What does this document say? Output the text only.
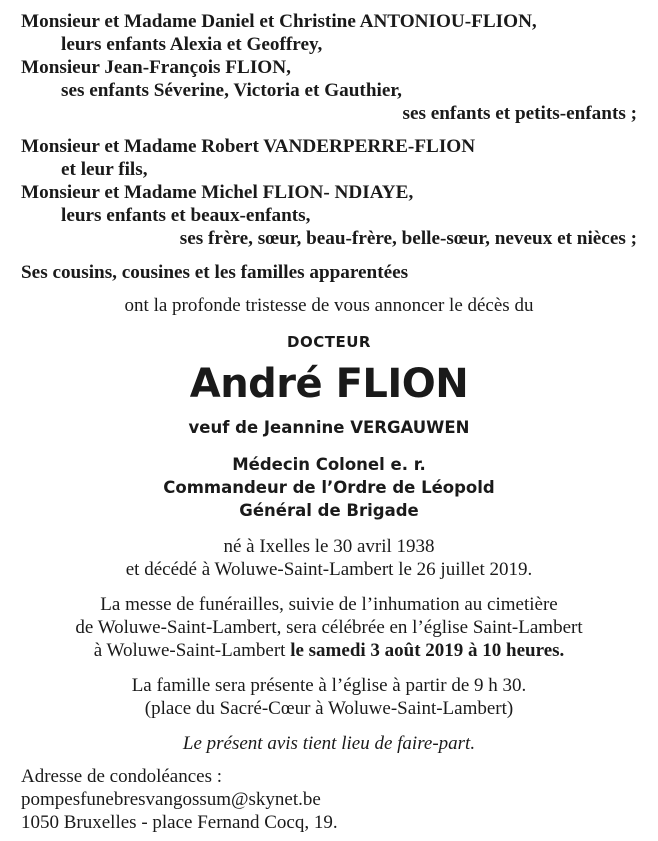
Monsieur et Madame Daniel et Christine ANTONIOU-FLION,
leurs enfants Alexia et Geoffrey,
Monsieur Jean-François FLION,
ses enfants Séverine, Victoria et Gauthier,
ses enfants et petits-enfants ;
Monsieur et Madame Robert VANDERPERRE-FLION
et leur fils,
Monsieur et Madame Michel FLION- NDIAYE,
leurs enfants et beaux-enfants,
ses frère, sœur, beau-frère, belle-sœur, neveux et nièces ;
Ses cousins, cousines et les familles apparentées
ont la profonde tristesse de vous annoncer le décès du
DOCTEUR
André FLION
veuf de Jeannine VERGAUWEN
Médecin Colonel e. r.
Commandeur de l’Ordre de Léopold
Général de Brigade
né à Ixelles le 30 avril 1938
et décédé à Woluwe-Saint-Lambert le 26 juillet 2019.
La messe de funérailles, suivie de l’inhumation au cimetière
de Woluwe-Saint-Lambert, sera célébrée en l’église Saint-Lambert
à Woluwe-Saint-Lambert le samedi 3 août 2019 à 10 heures.
La famille sera présente à l’église à partir de 9 h 30.
(place du Sacré-Cœur à Woluwe-Saint-Lambert)
Le présent avis tient lieu de faire-part.
Adresse de condoléances :
pompesfunebresvangossum@skynet.be
1050 Bruxelles - place Fernand Cocq, 19.
